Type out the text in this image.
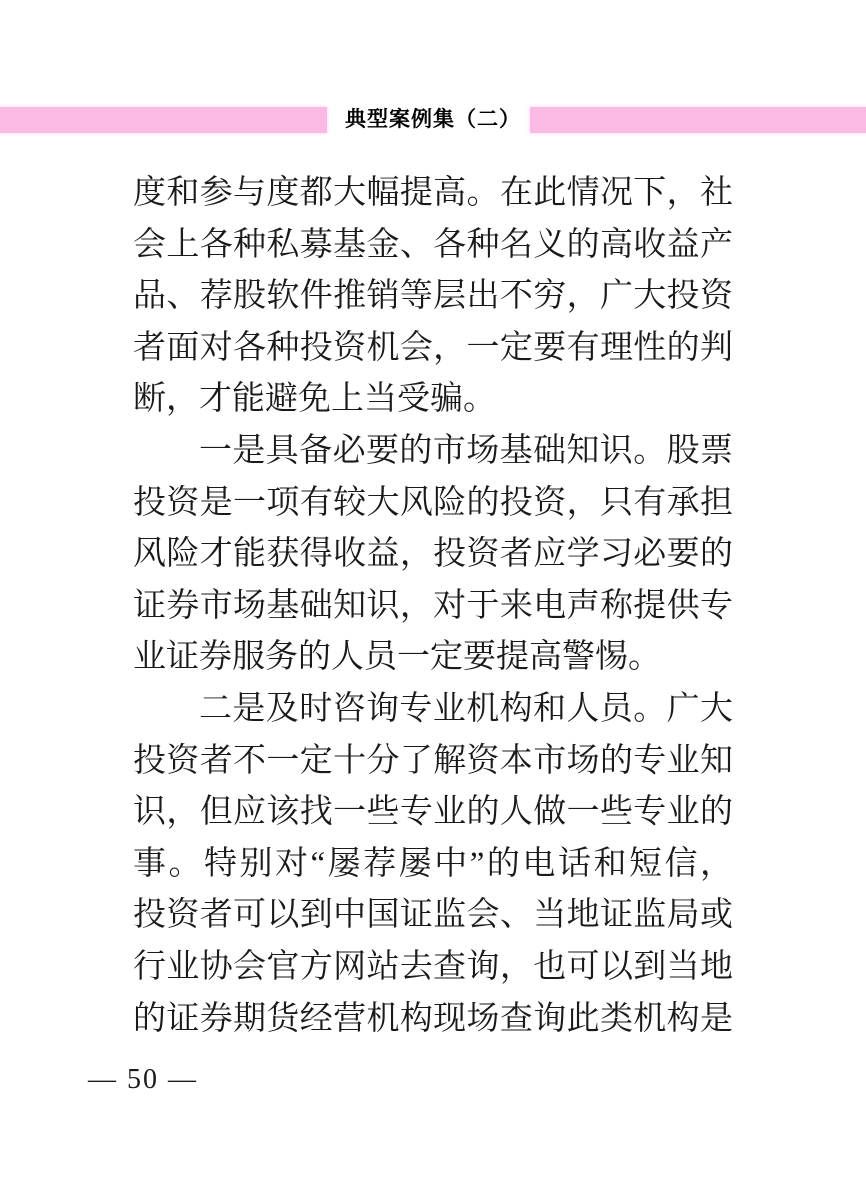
典型案例集（二）
度和参与度都大幅提高。在此情况下，社
会上各种私募基金、各种名义的高收益产
品、荐股软件推销等层出不穷，广大投资
者面对各种投资机会，一定要有理性的判
断，才能避免上当受骗。
一是具备必要的市场基础知识。股票
投资是一项有较大风险的投资，只有承担
风险才能获得收益，投资者应学习必要的
证券市场基础知识，对于来电声称提供专
业证券服务的人员一定要提高警惕。
二是及时咨询专业机构和人员。广大
投资者不一定十分了解资本市场的专业知
识，但应该找一些专业的人做一些专业的
事。特别对“屡荐屡中”的电话和短信，
投资者可以到中国证监会、当地证监局或
行业协会官方网站去查询，也可以到当地
的证券期货经营机构现场查询此类机构是
— 50 —
